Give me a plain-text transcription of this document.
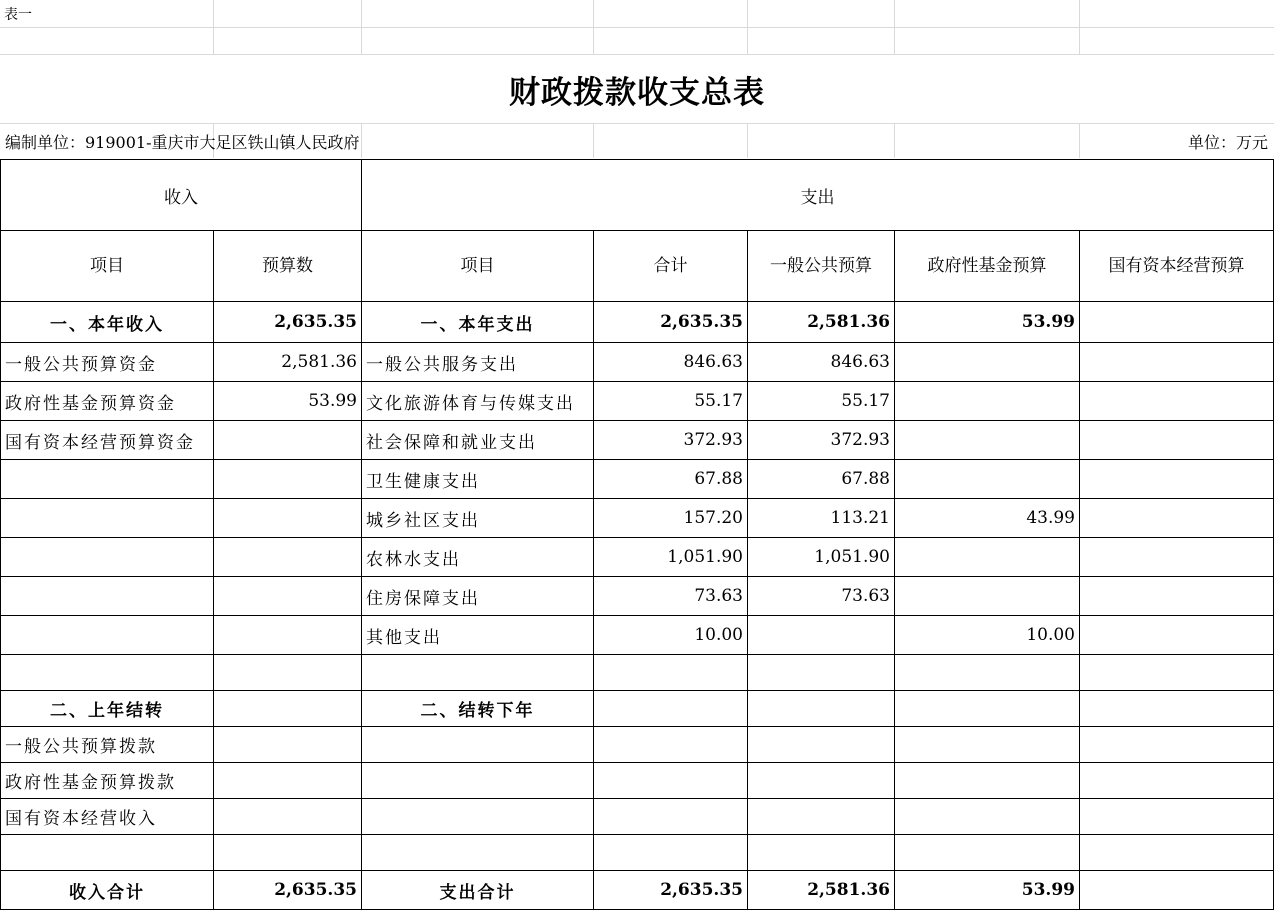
表一
财政拨款收支总表
编制单位：919001-重庆市大足区铁山镇人民政府	单位：万元
收入		支出				
项目	预算数	项目	合计	一般公共预算	政府性基金预算	国有资本经营预算
一、本年收入	2,635.35	一、本年支出	2,635.35	2,581.36	53.99	
一般公共预算资金	2,581.36	一般公共服务支出	846.63	846.63		
政府性基金预算资金	53.99	文化旅游体育与传媒支出	55.17	55.17		
国有资本经营预算资金		社会保障和就业支出	372.93	372.93		
		卫生健康支出	67.88	67.88		
		城乡社区支出	157.20	113.21	43.99	
		农林水支出	1,051.90	1,051.90		
		住房保障支出	73.63	73.63		
		其他支出	10.00		10.00	

二、上年结转		二、结转下年				
一般公共预算拨款						
政府性基金预算拨款						
国有资本经营收入						

收入合计	2,635.35	支出合计	2,635.35	2,581.36	53.99	
